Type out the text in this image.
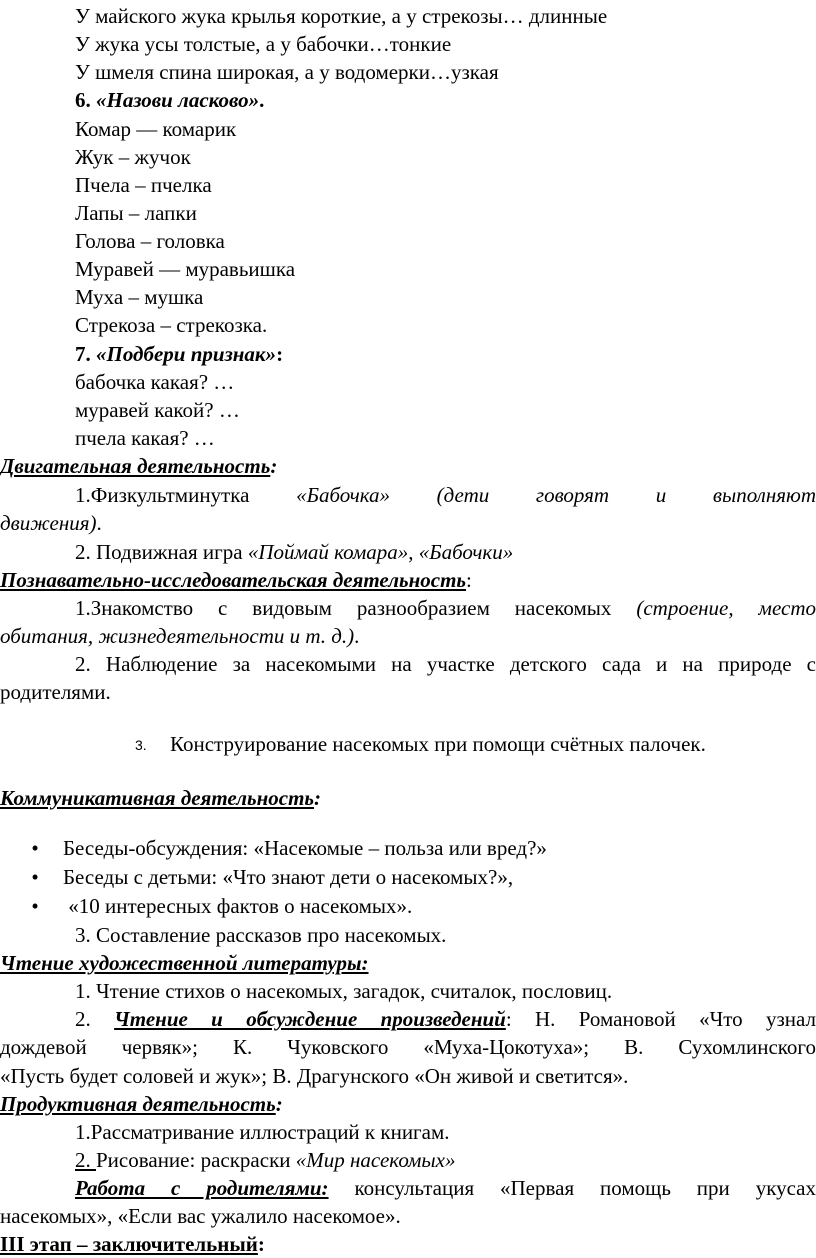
У майского жука крылья короткие, а у стрекозы… длинные
У жука усы толстые, а у бабочки…тонкие
У шмеля спина широкая, а у водомерки…узкая
6. «Назови ласково».
Комар — комарик
Жук – жучок
Пчела – пчелка
Лапы – лапки
Голова – головка
Муравей — муравьишка
Муха – мушка
Стрекоза – стрекозка.
7. «Подбери признак»:
бабочка какая? …
муравей какой? …
пчела какая? …
Двигательная деятельность:
1.Физкультминутка «Бабочка» (дети говорят и выполняют
движения).
2. Подвижная игра «Поймай комара», «Бабочки»
Познавательно-исследовательская деятельность:
1.Знакомство с видовым разнообразием насекомых (строение, место
обитания, жизнедеятельности и т. д.).
2. Наблюдение за насекомыми на участке детского сада и на природе с
родителями.
3. Конструирование насекомых при помощи счётных палочек.
Коммуникативная деятельность:
• Беседы-обсуждения: «Насекомые – польза или вред?»
• Беседы с детьми: «Что знают дети о насекомых?»,
• «10 интересных фактов о насекомых».
3. Составление рассказов про насекомых.
Чтение художественной литературы:
1. Чтение стихов о насекомых, загадок, считалок, пословиц.
2. Чтение и обсуждение произведений: Н. Романовой «Что узнал
дождевой червяк»; К. Чуковского «Муха-Цокотуха»; В. Сухомлинского
«Пусть будет соловей и жук»; В. Драгунского «Он живой и светится».
Продуктивная деятельность:
1.Рассматривание иллюстраций к книгам.
2. Рисование: раскраски «Мир насекомых»
Работа с родителями: консультация «Первая помощь при укусах
насекомых», «Если вас ужалило насекомое».
III этап – заключительный:
